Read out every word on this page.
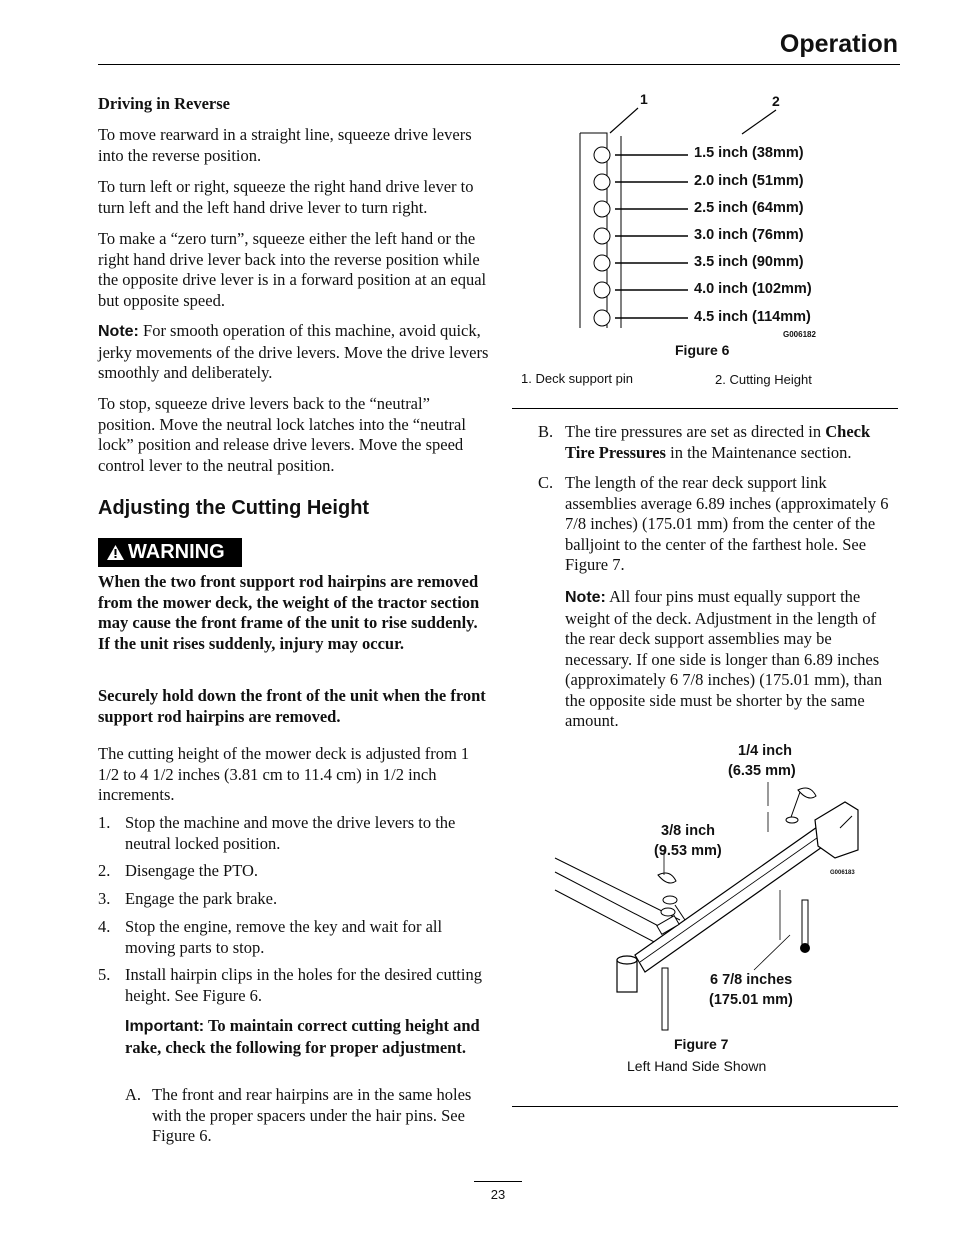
Operation
Driving in Reverse
To move rearward in a straight line, squeeze drive levers into the reverse position.
To turn left or right, squeeze the right hand drive lever to turn left and the left hand drive lever to turn right.
To make a “zero turn”, squeeze either the left hand or the right hand drive lever back into the reverse position while the opposite drive lever is in a forward position at an equal but opposite speed.
Note: For smooth operation of this machine, avoid quick, jerky movements of the drive levers. Move the drive levers smoothly and deliberately.
To stop, squeeze drive levers back to the “neutral” position. Move the neutral lock latches into the “neutral lock” position and release drive levers. Move the speed control lever to the neutral position.
Adjusting the Cutting Height
WARNING
When the two front support rod hairpins are removed from the mower deck, the weight of the tractor section may cause the front frame of the unit to rise suddenly. If the unit rises suddenly, injury may occur.
Securely hold down the front of the unit when the front support rod hairpins are removed.
The cutting height of the mower deck is adjusted from 1 1/2 to 4 1/2 inches (3.81 cm to 11.4 cm) in 1/2 inch increments.
1. Stop the machine and move the drive levers to the neutral locked position.
2. Disengage the PTO.
3. Engage the park brake.
4. Stop the engine, remove the key and wait for all moving parts to stop.
5. Install hairpin clips in the holes for the desired cutting height. See Figure 6.
Important: To maintain correct cutting height and rake, check the following for proper adjustment.
A. The front and rear hairpins are in the same holes with the proper spacers under the hair pins. See Figure 6.
1	2
1.5 inch (38mm)
2.0 inch (51mm)
2.5 inch (64mm)
3.0 inch (76mm)
3.5 inch (90mm)
4.0 inch (102mm)
4.5 inch (114mm)
G006182
Figure 6
1. Deck support pin	2. Cutting Height
B. The tire pressures are set as directed in Check Tire Pressures in the Maintenance section.
C. The length of the rear deck support link assemblies average 6.89 inches (approximately 6 7/8 inches) (175.01 mm) from the center of the balljoint to the center of the farthest hole. See Figure 7.
Note: All four pins must equally support the weight of the deck. Adjustment in the length of the rear deck support assemblies may be necessary. If one side is longer than 6.89 inches (approximately 6 7/8 inches) (175.01 mm), than the opposite side must be shorter by the same amount.
1/4 inch
(6.35 mm)
3/8 inch
(9.53 mm)
G006183
6 7/8 inches
(175.01 mm)
Figure 7
Left Hand Side Shown
23
